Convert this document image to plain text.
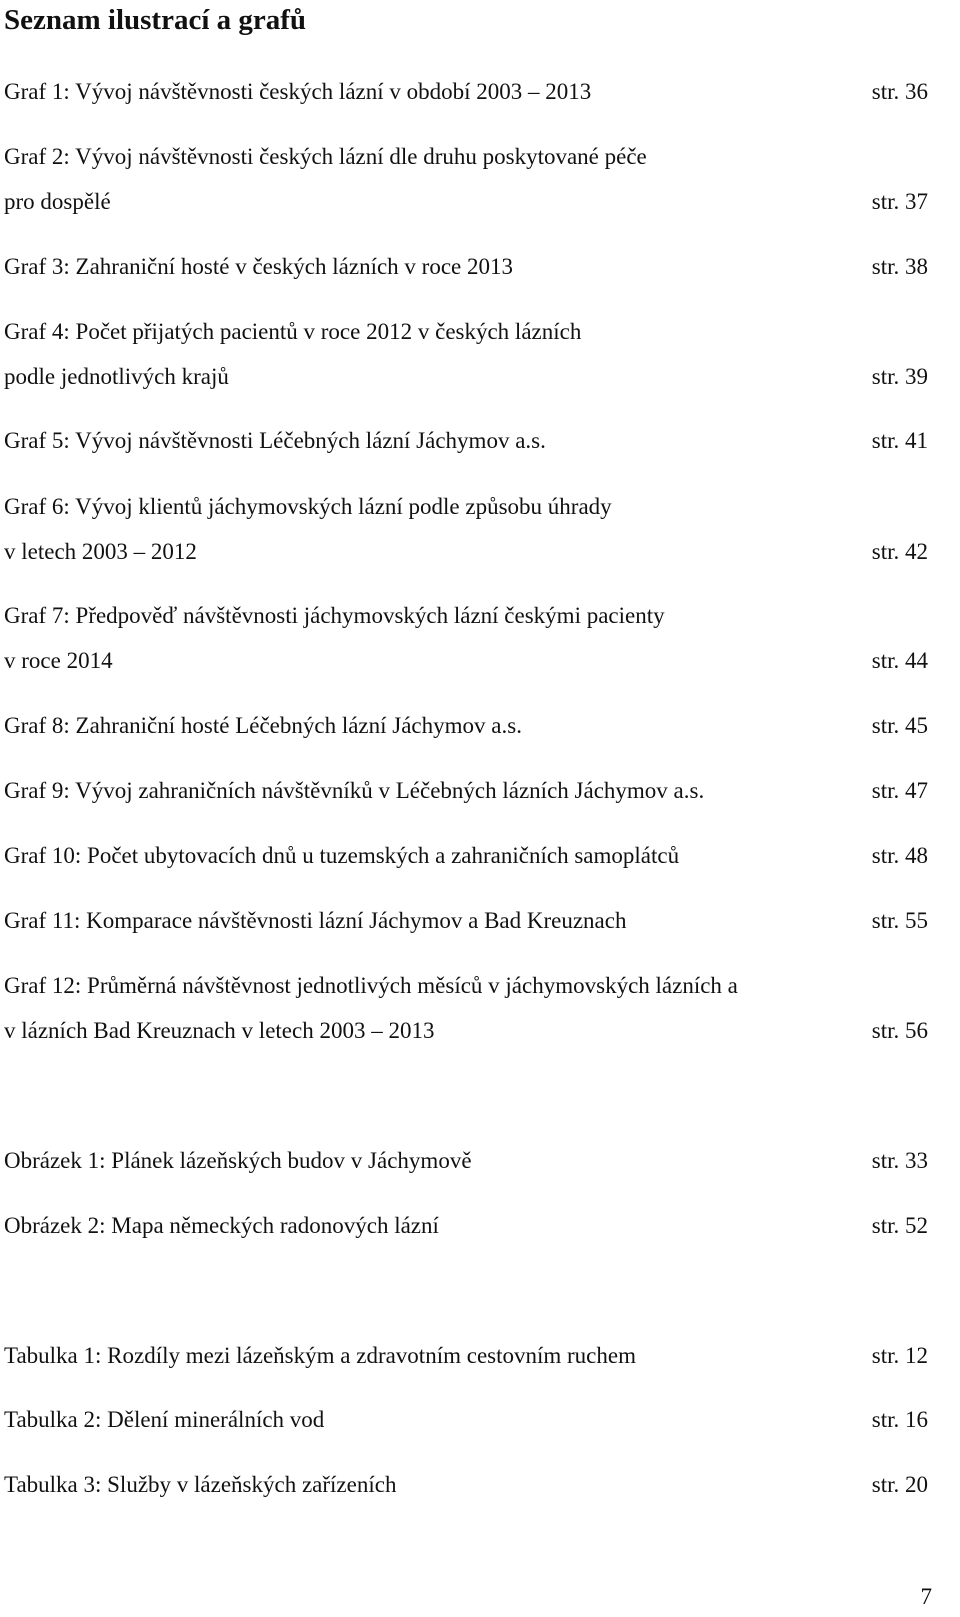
Seznam ilustrací a grafů
Graf 1: Vývoj návštěvnosti českých lázní v období 2003 – 2013	str. 36
Graf 2: Vývoj návštěvnosti českých lázní dle druhu poskytované péče
pro dospělé	str. 37
Graf 3: Zahraniční hosté v českých lázních v roce 2013	str. 38
Graf 4: Počet přijatých pacientů v roce 2012 v českých lázních
podle jednotlivých krajů	str. 39
Graf 5: Vývoj návštěvnosti Léčebných lázní Jáchymov a.s.	str. 41
Graf 6: Vývoj klientů jáchymovských lázní podle způsobu úhrady
v letech 2003 – 2012	str. 42
Graf 7: Předpověď návštěvnosti jáchymovských lázní českými pacienty
v roce 2014	str. 44
Graf 8: Zahraniční hosté Léčebných lázní Jáchymov a.s.	str. 45
Graf 9: Vývoj zahraničních návštěvníků v Léčebných lázních Jáchymov a.s.	str. 47
Graf 10: Počet ubytovacích dnů u tuzemských a zahraničních samoplátců	str. 48
Graf 11: Komparace návštěvnosti lázní Jáchymov a Bad Kreuznach	str. 55
Graf 12: Průměrná návštěvnost jednotlivých měsíců v jáchymovských lázních a
v lázních Bad Kreuznach v letech 2003 – 2013	str. 56
Obrázek 1: Plánek lázeňských budov v Jáchymově	str. 33
Obrázek 2: Mapa německých radonových lázní	str. 52
Tabulka 1: Rozdíly mezi lázeňským a zdravotním cestovním ruchem	str. 12
Tabulka 2: Dělení minerálních vod	str. 16
Tabulka 3: Služby v lázeňských zařízeních	str. 20
7
